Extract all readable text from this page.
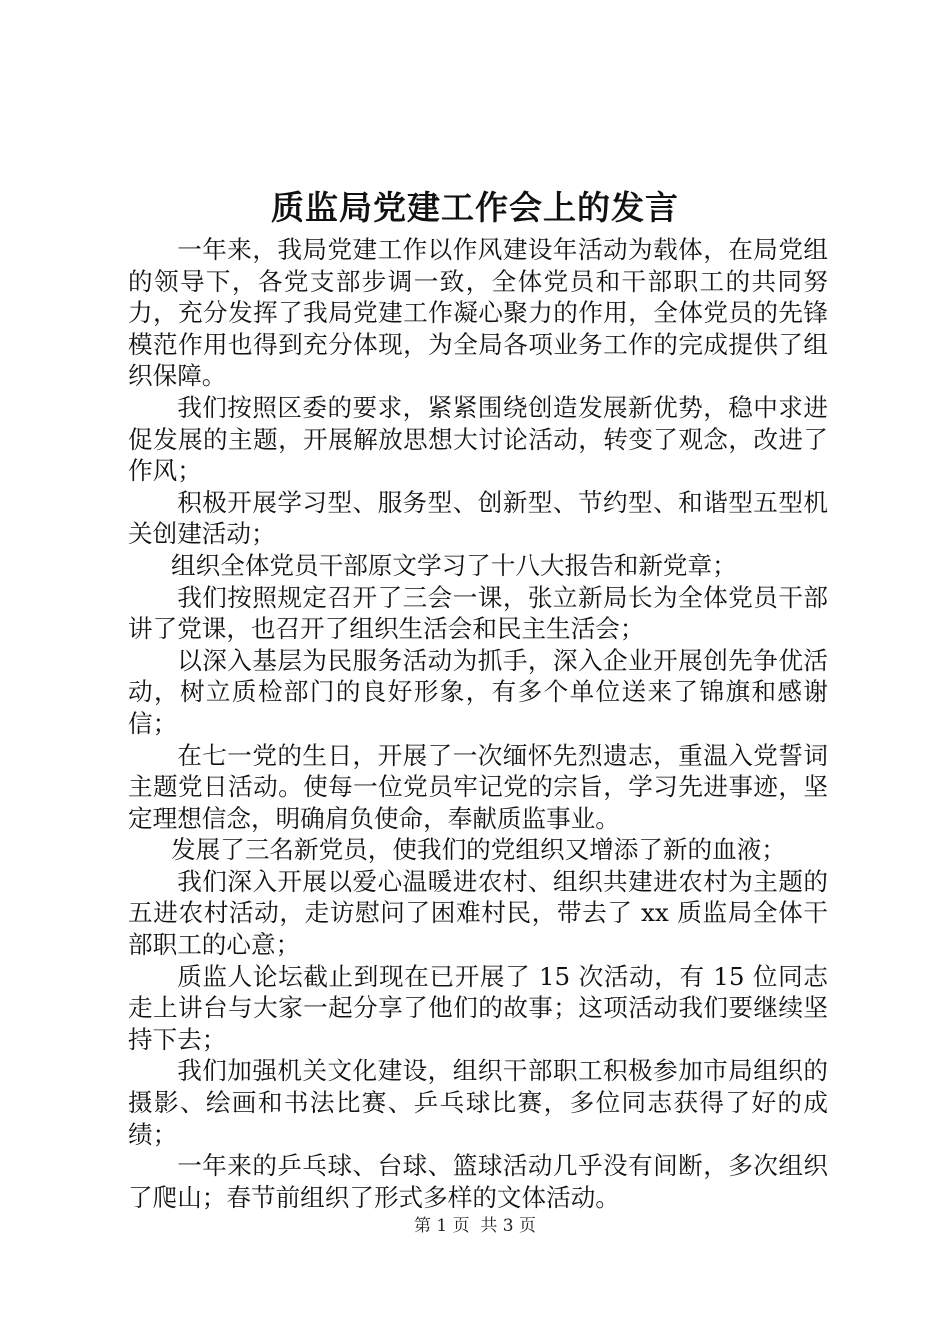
质监局党建工作会上的发言

一年来，我局党建工作以作风建设年活动为载体，在局党组的领导下，各党支部步调一致，全体党员和干部职工的共同努力，充分发挥了我局党建工作凝心聚力的作用，全体党员的先锋模范作用也得到充分体现，为全局各项业务工作的完成提供了组织保障。

我们按照区委的要求，紧紧围绕创造发展新优势，稳中求进促发展的主题，开展解放思想大讨论活动，转变了观念，改进了作风；

积极开展学习型、服务型、创新型、节约型、和谐型五型机关创建活动；

组织全体党员干部原文学习了十八大报告和新党章；

我们按照规定召开了三会一课，张立新局长为全体党员干部讲了党课，也召开了组织生活会和民主生活会；

以深入基层为民服务活动为抓手，深入企业开展创先争优活动，树立质检部门的良好形象，有多个单位送来了锦旗和感谢信；

在七一党的生日，开展了一次缅怀先烈遗志，重温入党誓词主题党日活动。使每一位党员牢记党的宗旨，学习先进事迹，坚定理想信念，明确肩负使命，奉献质监事业。

发展了三名新党员，使我们的党组织又增添了新的血液；

我们深入开展以爱心温暖进农村、组织共建进农村为主题的五进农村活动，走访慰问了困难村民，带去了 xx 质监局全体干部职工的心意；

质监人论坛截止到现在已开展了 15 次活动，有 15 位同志走上讲台与大家一起分享了他们的故事；这项活动我们要继续坚持下去；

我们加强机关文化建设，组织干部职工积极参加市局组织的摄影、绘画和书法比赛、乒乓球比赛，多位同志获得了好的成绩；

一年来的乒乓球、台球、篮球活动几乎没有间断，多次组织了爬山；春节前组织了形式多样的文体活动。

第 1 页 共 3 页
